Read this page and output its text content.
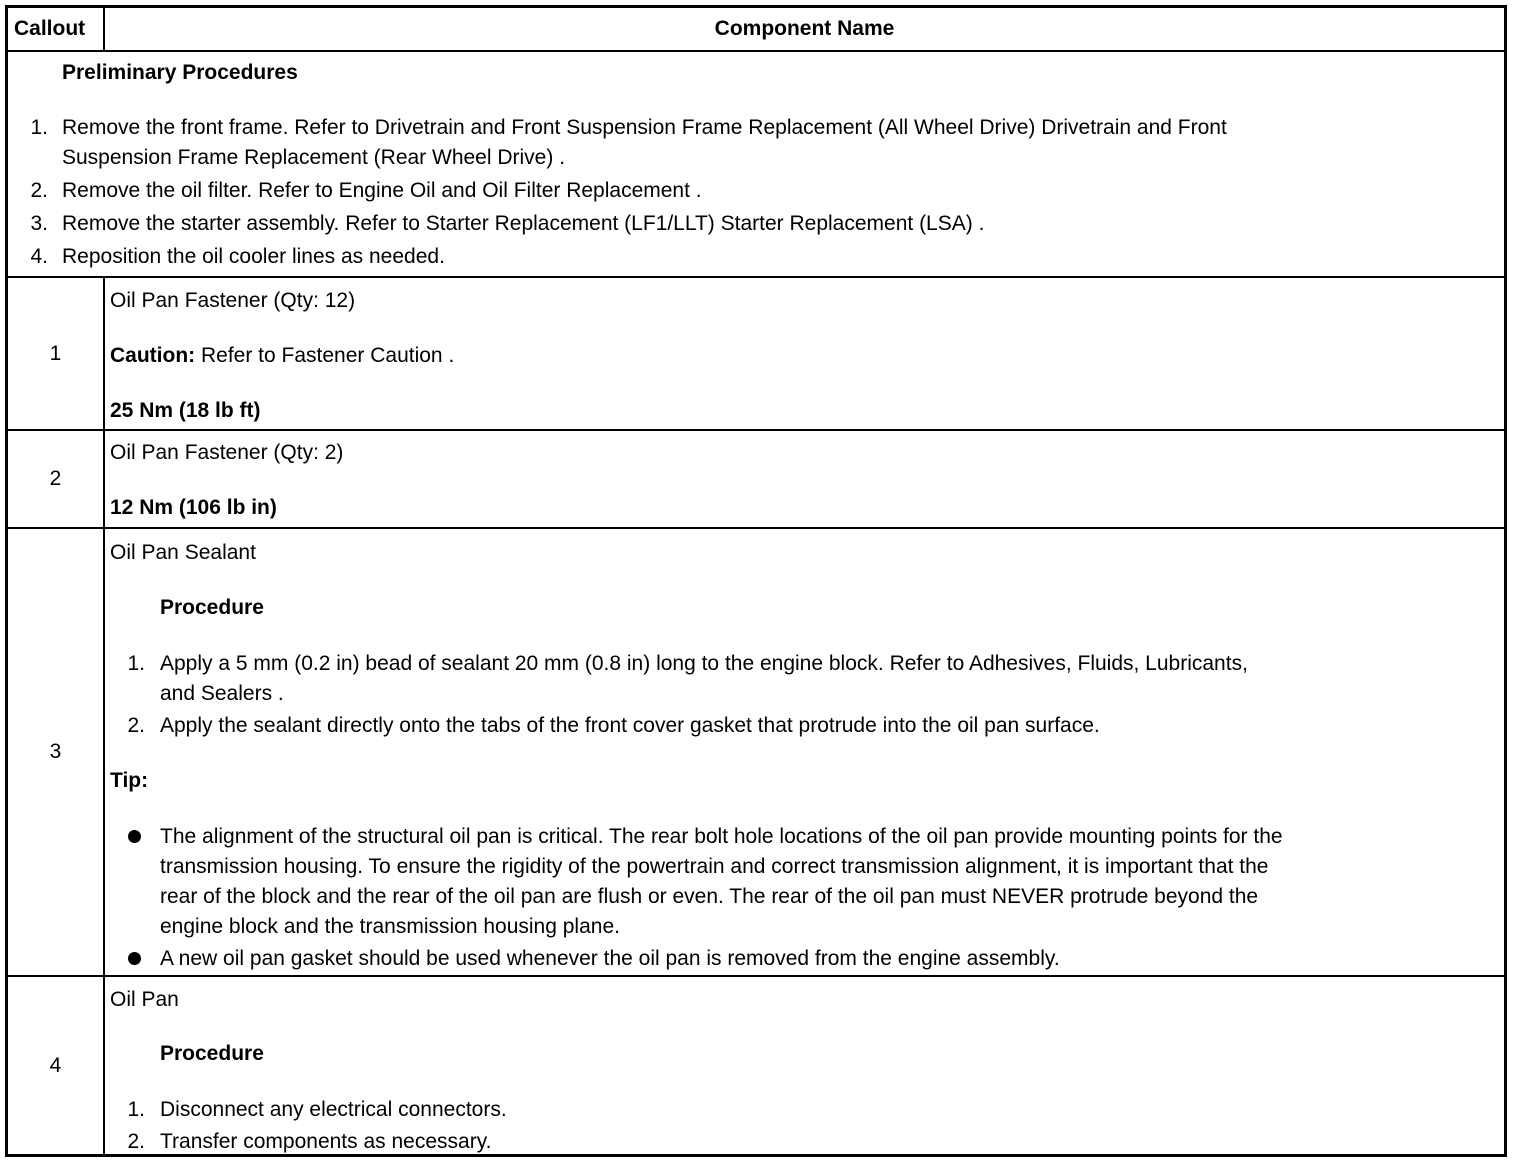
Callout	Component Name
Preliminary Procedures
1. Remove the front frame. Refer to Drivetrain and Front Suspension Frame Replacement (All Wheel Drive) Drivetrain and Front
Suspension Frame Replacement (Rear Wheel Drive) .
2. Remove the oil filter. Refer to Engine Oil and Oil Filter Replacement .
3. Remove the starter assembly. Refer to Starter Replacement (LF1/LLT) Starter Replacement (LSA) .
4. Reposition the oil cooler lines as needed.
1
Oil Pan Fastener (Qty: 12)
Caution: Refer to Fastener Caution .
25 Nm (18 lb ft)
2
Oil Pan Fastener (Qty: 2)
12 Nm (106 lb in)
3
Oil Pan Sealant
Procedure
1. Apply a 5 mm (0.2 in) bead of sealant 20 mm (0.8 in) long to the engine block. Refer to Adhesives, Fluids, Lubricants,
and Sealers .
2. Apply the sealant directly onto the tabs of the front cover gasket that protrude into the oil pan surface.
Tip:
The alignment of the structural oil pan is critical. The rear bolt hole locations of the oil pan provide mounting points for the
transmission housing. To ensure the rigidity of the powertrain and correct transmission alignment, it is important that the
rear of the block and the rear of the oil pan are flush or even. The rear of the oil pan must NEVER protrude beyond the
engine block and the transmission housing plane.
A new oil pan gasket should be used whenever the oil pan is removed from the engine assembly.
4
Oil Pan
Procedure
1. Disconnect any electrical connectors.
2. Transfer components as necessary.
